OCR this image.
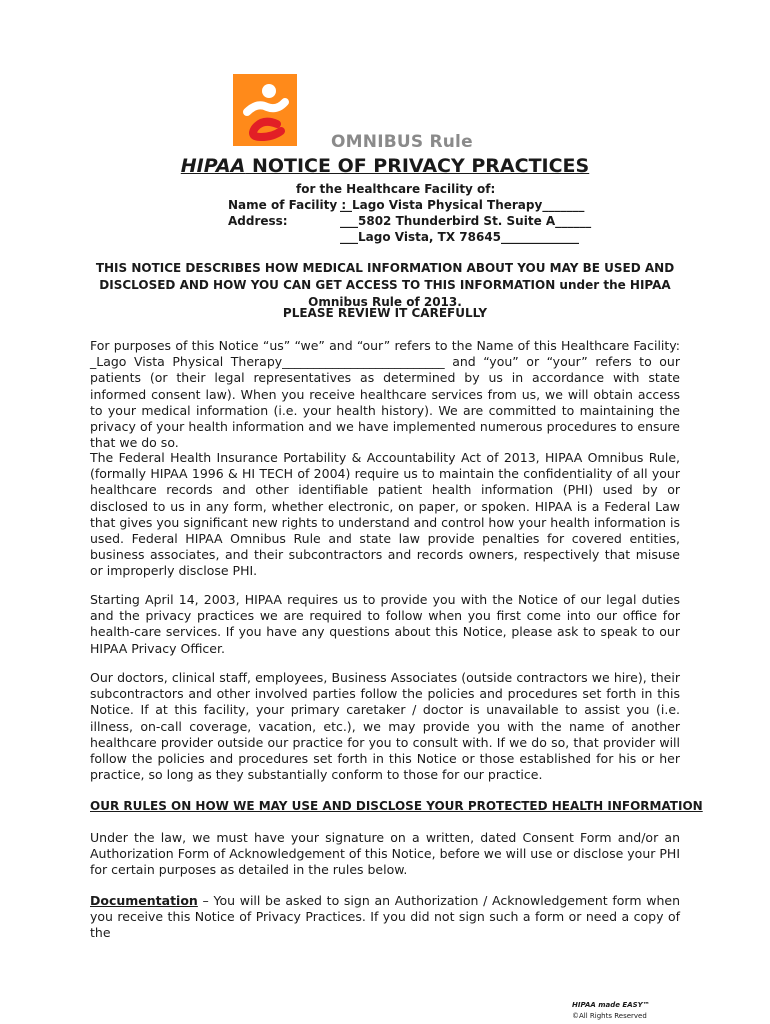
OMNIBUS Rule
HIPAA NOTICE OF PRIVACY PRACTICES
for the Healthcare Facility of:
Name of Facility :
__Lago Vista Physical Therapy_______
Address:	___5802 Thunderbird St. Suite A______
___Lago Vista, TX 78645_____________
THIS NOTICE DESCRIBES HOW MEDICAL INFORMATION ABOUT YOU MAY BE USED AND DISCLOSED AND HOW YOU CAN GET ACCESS TO THIS INFORMATION under the HIPAA Omnibus Rule of 2013.
PLEASE REVIEW IT CAREFULLY
For purposes of this Notice “us” “we” and “our” refers to the Name of this Healthcare Facility: _Lago Vista Physical Therapy__________________________ and “you” or “your” refers to our patients (or their legal representatives as determined by us in accordance with state informed consent law). When you receive healthcare services from us, we will obtain access to your medical information (i.e. your health history). We are committed to maintaining the privacy of your health information and we have implemented numerous procedures to ensure that we do so.
The Federal Health Insurance Portability & Accountability Act of 2013, HIPAA Omnibus Rule, (formally HIPAA 1996 & HI TECH of 2004) require us to maintain the confidentiality of all your healthcare records and other identifiable patient health information (PHI) used by or disclosed to us in any form, whether electronic, on paper, or spoken. HIPAA is a Federal Law that gives you significant new rights to understand and control how your health information is used. Federal HIPAA Omnibus Rule and state law provide penalties for covered entities, business associates, and their subcontractors and records owners, respectively that misuse or improperly disclose PHI.
Starting April 14, 2003, HIPAA requires us to provide you with the Notice of our legal duties and the privacy practices we are required to follow when you first come into our office for health-care services. If you have any questions about this Notice, please ask to speak to our HIPAA Privacy Officer.
Our doctors, clinical staff, employees, Business Associates (outside contractors we hire), their subcontractors and other involved parties follow the policies and procedures set forth in this Notice. If at this facility, your primary caretaker / doctor is unavailable to assist you (i.e. illness, on-call coverage, vacation, etc.), we may provide you with the name of another healthcare provider outside our practice for you to consult with. If we do so, that provider will follow the policies and procedures set forth in this Notice or those established for his or her practice, so long as they substantially conform to those for our practice.
OUR RULES ON HOW WE MAY USE AND DISCLOSE YOUR PROTECTED HEALTH INFORMATION
Under the law, we must have your signature on a written, dated Consent Form and/or an Authorization Form of Acknowledgement of this Notice, before we will use or disclose your PHI for certain purposes as detailed in the rules below.
Documentation – You will be asked to sign an Authorization / Acknowledgement form when you receive this Notice of Privacy Practices. If you did not sign such a form or need a copy of the
HIPAA made EASY™
©All Rights Reserved
